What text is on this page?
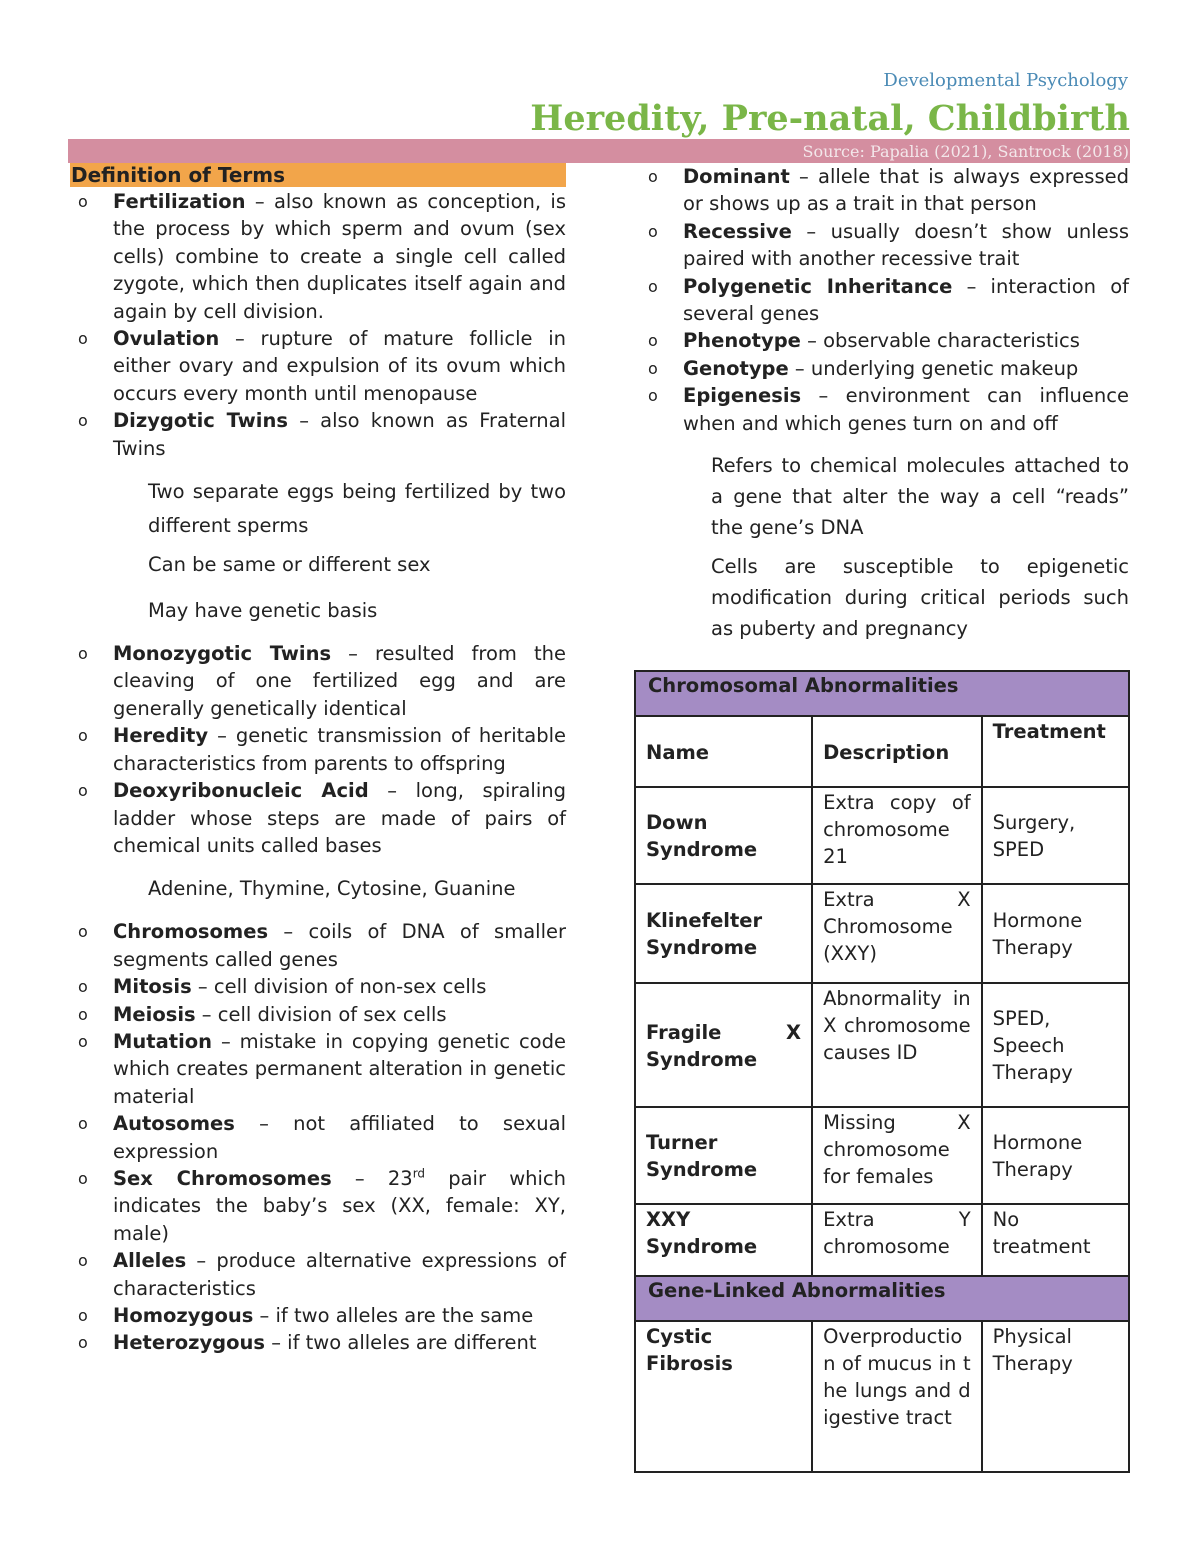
Developmental Psychology
Heredity, Pre-natal, Childbirth
Source: Papalia (2021), Santrock (2018)
Definition of Terms
o Fertilization – also known as conception, is the process by which sperm and ovum (sex cells) combine to create a single cell called zygote, which then duplicates itself again and again by cell division.
o Ovulation – rupture of mature follicle in either ovary and expulsion of its ovum which occurs every month until menopause
o Dizygotic Twins – also known as Fraternal Twins
Two separate eggs being fertilized by two different sperms
Can be same or different sex
May have genetic basis
o Monozygotic Twins – resulted from the cleaving of one fertilized egg and are generally genetically identical
o Heredity – genetic transmission of heritable characteristics from parents to offspring
o Deoxyribonucleic Acid – long, spiraling ladder whose steps are made of pairs of chemical units called bases
Adenine, Thymine, Cytosine, Guanine
o Chromosomes – coils of DNA of smaller segments called genes
o Mitosis – cell division of non-sex cells
o Meiosis – cell division of sex cells
o Mutation – mistake in copying genetic code which creates permanent alteration in genetic material
o Autosomes – not affiliated to sexual expression
o Sex Chromosomes – 23rd pair which indicates the baby’s sex (XX, female: XY, male)
o Alleles – produce alternative expressions of characteristics
o Homozygous – if two alleles are the same
o Heterozygous – if two alleles are different
o Dominant – allele that is always expressed or shows up as a trait in that person
o Recessive – usually doesn’t show unless paired with another recessive trait
o Polygenetic Inheritance – interaction of several genes
o Phenotype – observable characteristics
o Genotype – underlying genetic makeup
o Epigenesis – environment can influence when and which genes turn on and off
Refers to chemical molecules attached to a gene that alter the way a cell “reads” the gene’s DNA
Cells are susceptible to epigenetic modification during critical periods such as puberty and pregnancy
Chromosomal Abnormalities		
Name	Description	Treatment
Down Syndrome	Extra copy of chromosome 21	Surgery, SPED
Klinefelter Syndrome	Extra X Chromosome (XXY)	Hormone Therapy
Fragile X Syndrome	Abnormality in X chromosome causes ID	SPED, Speech Therapy
Turner Syndrome	Missing X chromosome for females	Hormone Therapy
XXY Syndrome	Extra Y chromosome	No treatment
Gene-Linked Abnormalities		
Cystic Fibrosis	Overproduction of mucus in the lungs and digestive tract	Physical Therapy
